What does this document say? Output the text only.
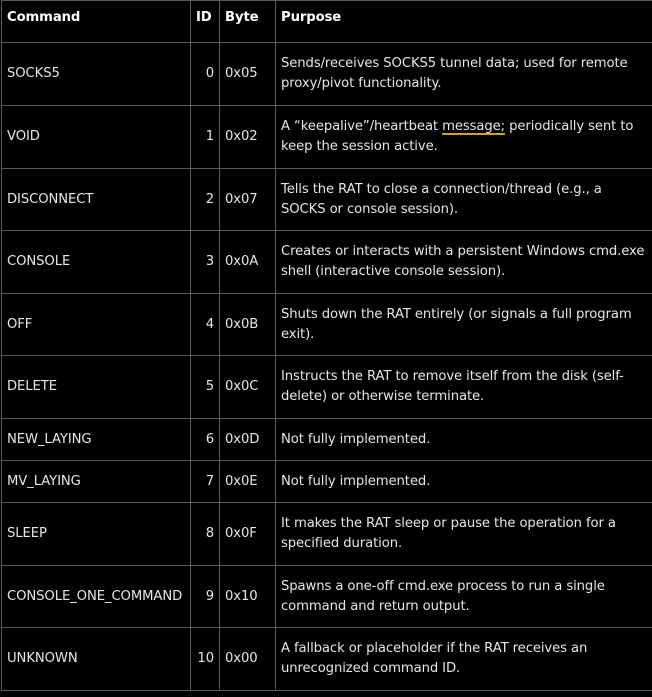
Command	ID	Byte	Purpose
SOCKS5	0	0x05	Sends/receives SOCKS5 tunnel data; used for remote proxy/pivot functionality.
VOID	1	0x02	A “keepalive”/heartbeat message; periodically sent to keep the session active.
DISCONNECT	2	0x07	Tells the RAT to close a connection/thread (e.g., a SOCKS or console session).
CONSOLE	3	0x0A	Creates or interacts with a persistent Windows cmd.exe shell (interactive console session).
OFF	4	0x0B	Shuts down the RAT entirely (or signals a full program exit).
DELETE	5	0x0C	Instructs the RAT to remove itself from the disk (self-delete) or otherwise terminate.
NEW_LAYING	6	0x0D	Not fully implemented.
MV_LAYING	7	0x0E	Not fully implemented.
SLEEP	8	0x0F	It makes the RAT sleep or pause the operation for a specified duration.
CONSOLE_ONE_COMMAND	9	0x10	Spawns a one-off cmd.exe process to run a single command and return output.
UNKNOWN	10	0x00	A fallback or placeholder if the RAT receives an unrecognized command ID.
